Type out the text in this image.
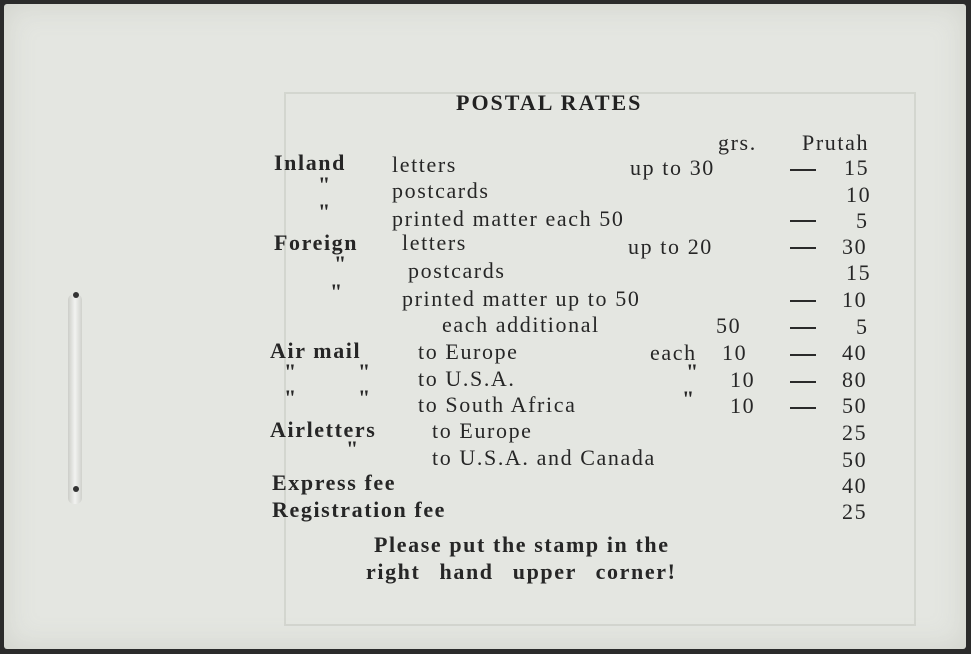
POSTAL RATES
grs. Prutah
Inland letters	up to 30	15
"	postcards	10
"	printed matter each 50	5
Foreign letters	up to 20	30
"	postcards	15
"	printed matter up to 50	10
each additional	50	5
Air mail	to Europe	each 10	40
"	" to U.S.A.	" 10	80
"	" to South Africa	" 10	50
Airletters	to Europe	25
"	to U.S.A. and Canada	50
Express fee	40
Registration fee	25
Please put the stamp in the
right hand upper corner!
